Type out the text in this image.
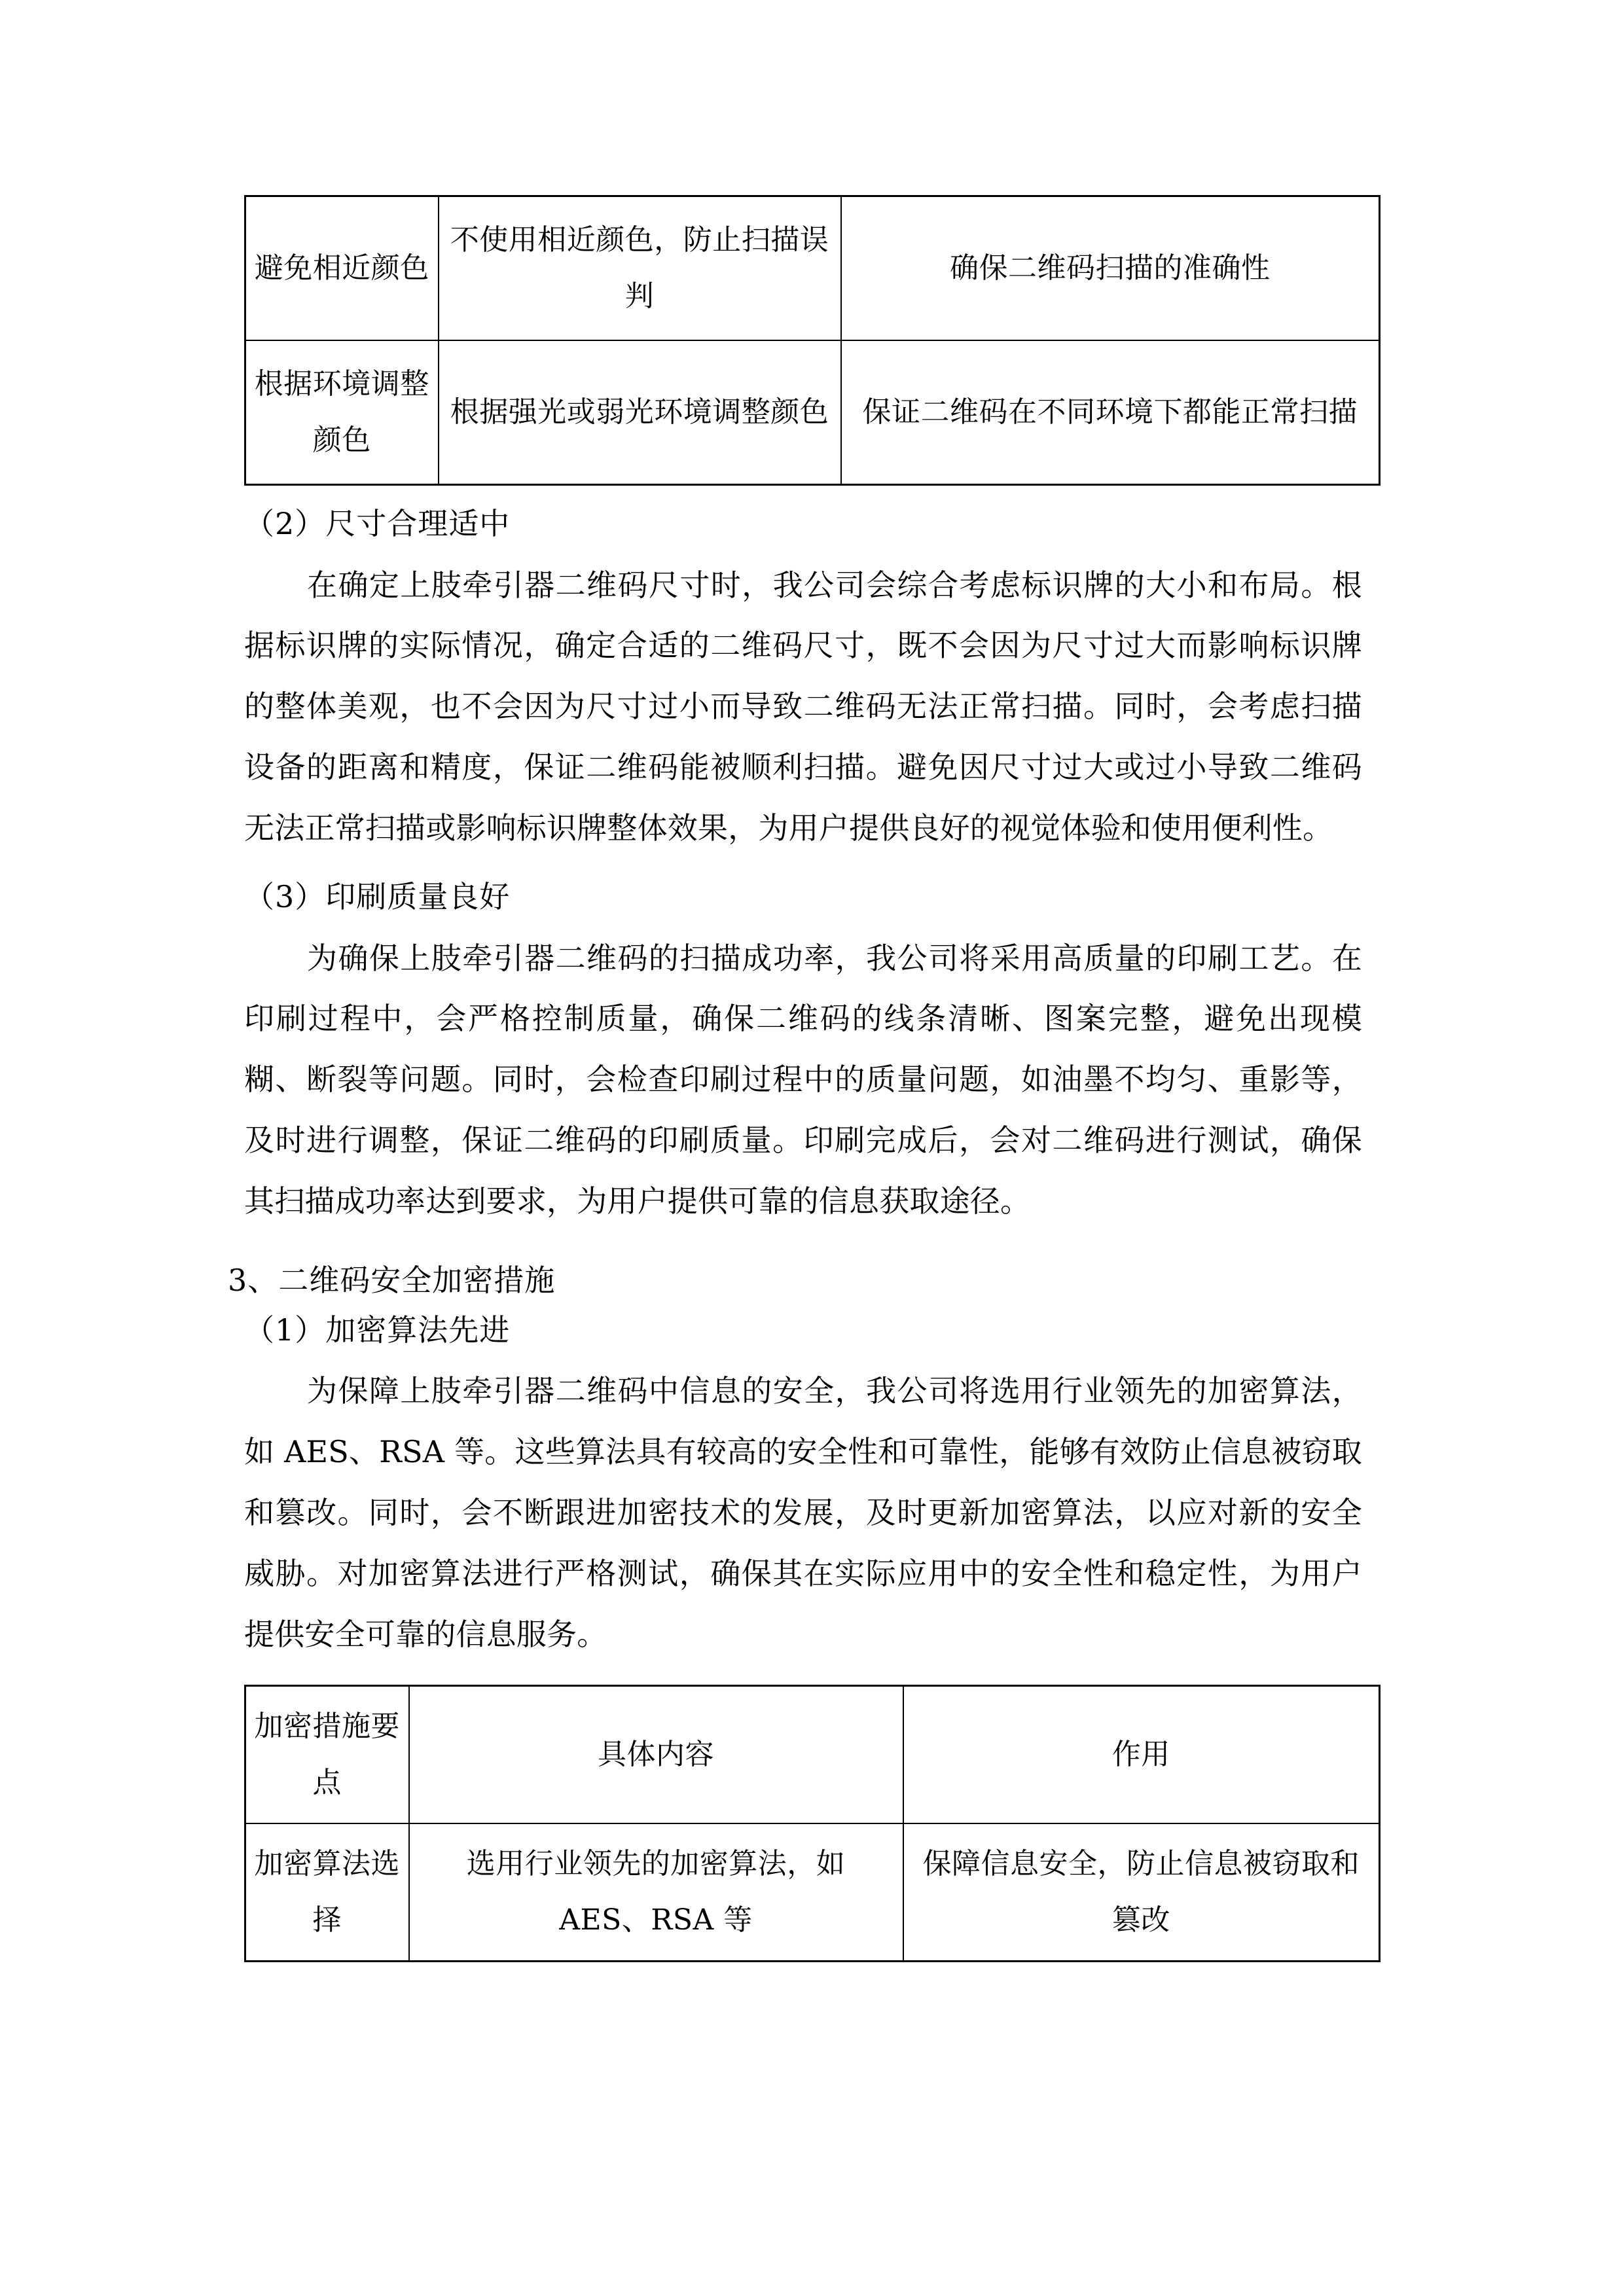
避免相近颜色	不使用相近颜色，防止扫描误判	确保二维码扫描的准确性
根据环境调整颜色	根据强光或弱光环境调整颜色	保证二维码在不同环境下都能正常扫描
（2）尺寸合理适中

在确定上肢牵引器二维码尺寸时，我公司会综合考虑标识牌的大小和布局。根据标识牌的实际情况，确定合适的二维码尺寸，既不会因为尺寸过大而影响标识牌的整体美观，也不会因为尺寸过小而导致二维码无法正常扫描。同时，会考虑扫描设备的距离和精度，保证二维码能被顺利扫描。避免因尺寸过大或过小导致二维码无法正常扫描或影响标识牌整体效果，为用户提供良好的视觉体验和使用便利性。

（3）印刷质量良好

为确保上肢牵引器二维码的扫描成功率，我公司将采用高质量的印刷工艺。在印刷过程中，会严格控制质量，确保二维码的线条清晰、图案完整，避免出现模糊、断裂等问题。同时，会检查印刷过程中的质量问题，如油墨不均匀、重影等，及时进行调整，保证二维码的印刷质量。印刷完成后，会对二维码进行测试，确保其扫描成功率达到要求，为用户提供可靠的信息获取途径。

3、二维码安全加密措施
（1）加密算法先进

为保障上肢牵引器二维码中信息的安全，我公司将选用行业领先的加密算法，如 AES、RSA 等。这些算法具有较高的安全性和可靠性，能够有效防止信息被窃取和篡改。同时，会不断跟进加密技术的发展，及时更新加密算法，以应对新的安全威胁。对加密算法进行严格测试，确保其在实际应用中的安全性和稳定性，为用户提供安全可靠的信息服务。

加密措施要点	具体内容	作用
加密算法选择	选用行业领先的加密算法，如 AES、RSA 等	保障信息安全，防止信息被窃取和篡改
